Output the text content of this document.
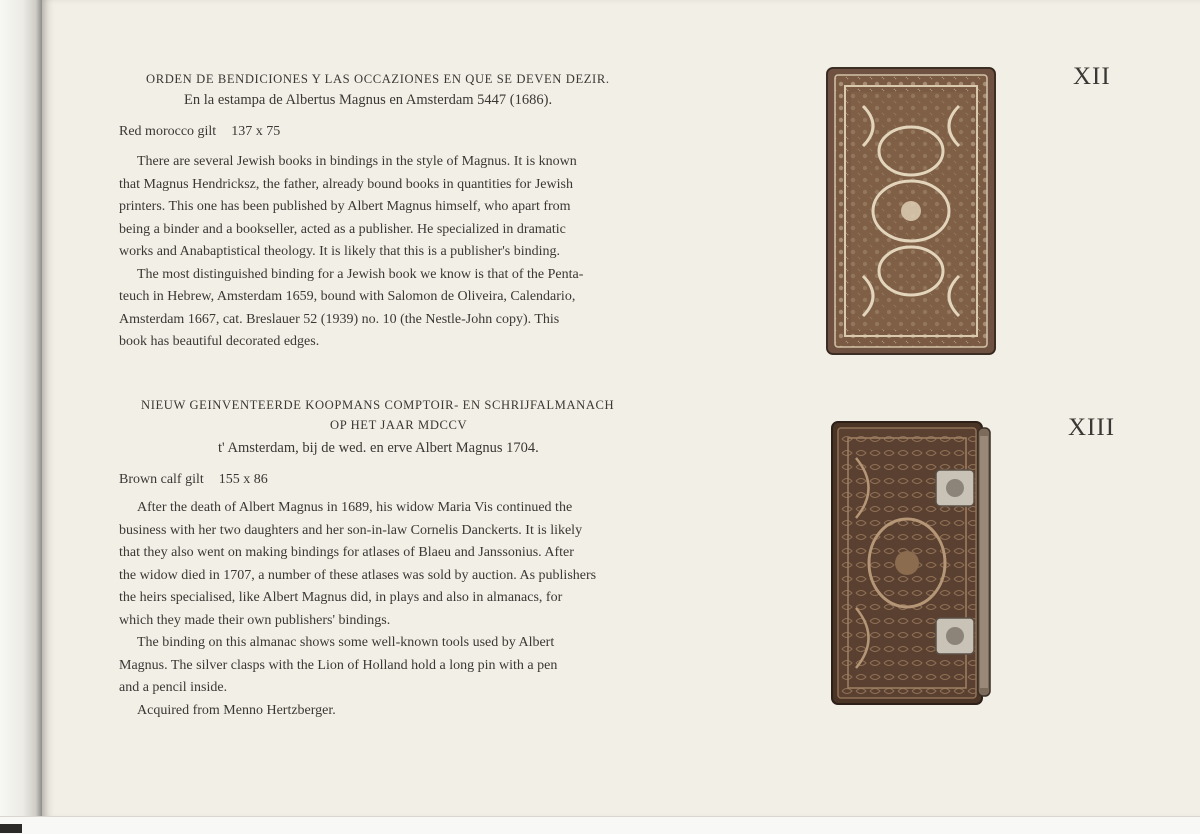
ORDEN DE BENDICIONES Y LAS OCCAZIONES EN QUE SE DEVEN DEZIR.
En la estampa de Albertus Magnus en Amsterdam 5447 (1686).
Red morocco gilt 137 x 75
There are several Jewish books in bindings in the style of Magnus. It is known
that Magnus Hendricksz, the father, already bound books in quantities for Jewish
printers. This one has been published by Albert Magnus himself, who apart from
being a binder and a bookseller, acted as a publisher. He specialized in dramatic
works and Anabaptistical theology. It is likely that this is a publisher's binding.
The most distinguished binding for a Jewish book we know is that of the Penta-
teuch in Hebrew, Amsterdam 1659, bound with Salomon de Oliveira, Calendario,
Amsterdam 1667, cat. Breslauer 52 (1939) no. 10 (the Nestle-John copy). This
book has beautiful decorated edges.
XII
NIEUW GEINVENTEERDE KOOPMANS COMPTOIR- EN SCHRIJFALMANACH
OP HET JAAR MDCCV
t' Amsterdam, bij de wed. en erve Albert Magnus 1704.
Brown calf gilt 155 x 86
After the death of Albert Magnus in 1689, his widow Maria Vis continued the
business with her two daughters and her son-in-law Cornelis Danckerts. It is likely
that they also went on making bindings for atlases of Blaeu and Janssonius. After
the widow died in 1707, a number of these atlases was sold by auction. As publishers
the heirs specialised, like Albert Magnus did, in plays and also in almanacs, for
which they made their own publishers' bindings.
The binding on this almanac shows some well-known tools used by Albert
Magnus. The silver clasps with the Lion of Holland hold a long pin with a pen
and a pencil inside.
Acquired from Menno Hertzberger.
XIII
